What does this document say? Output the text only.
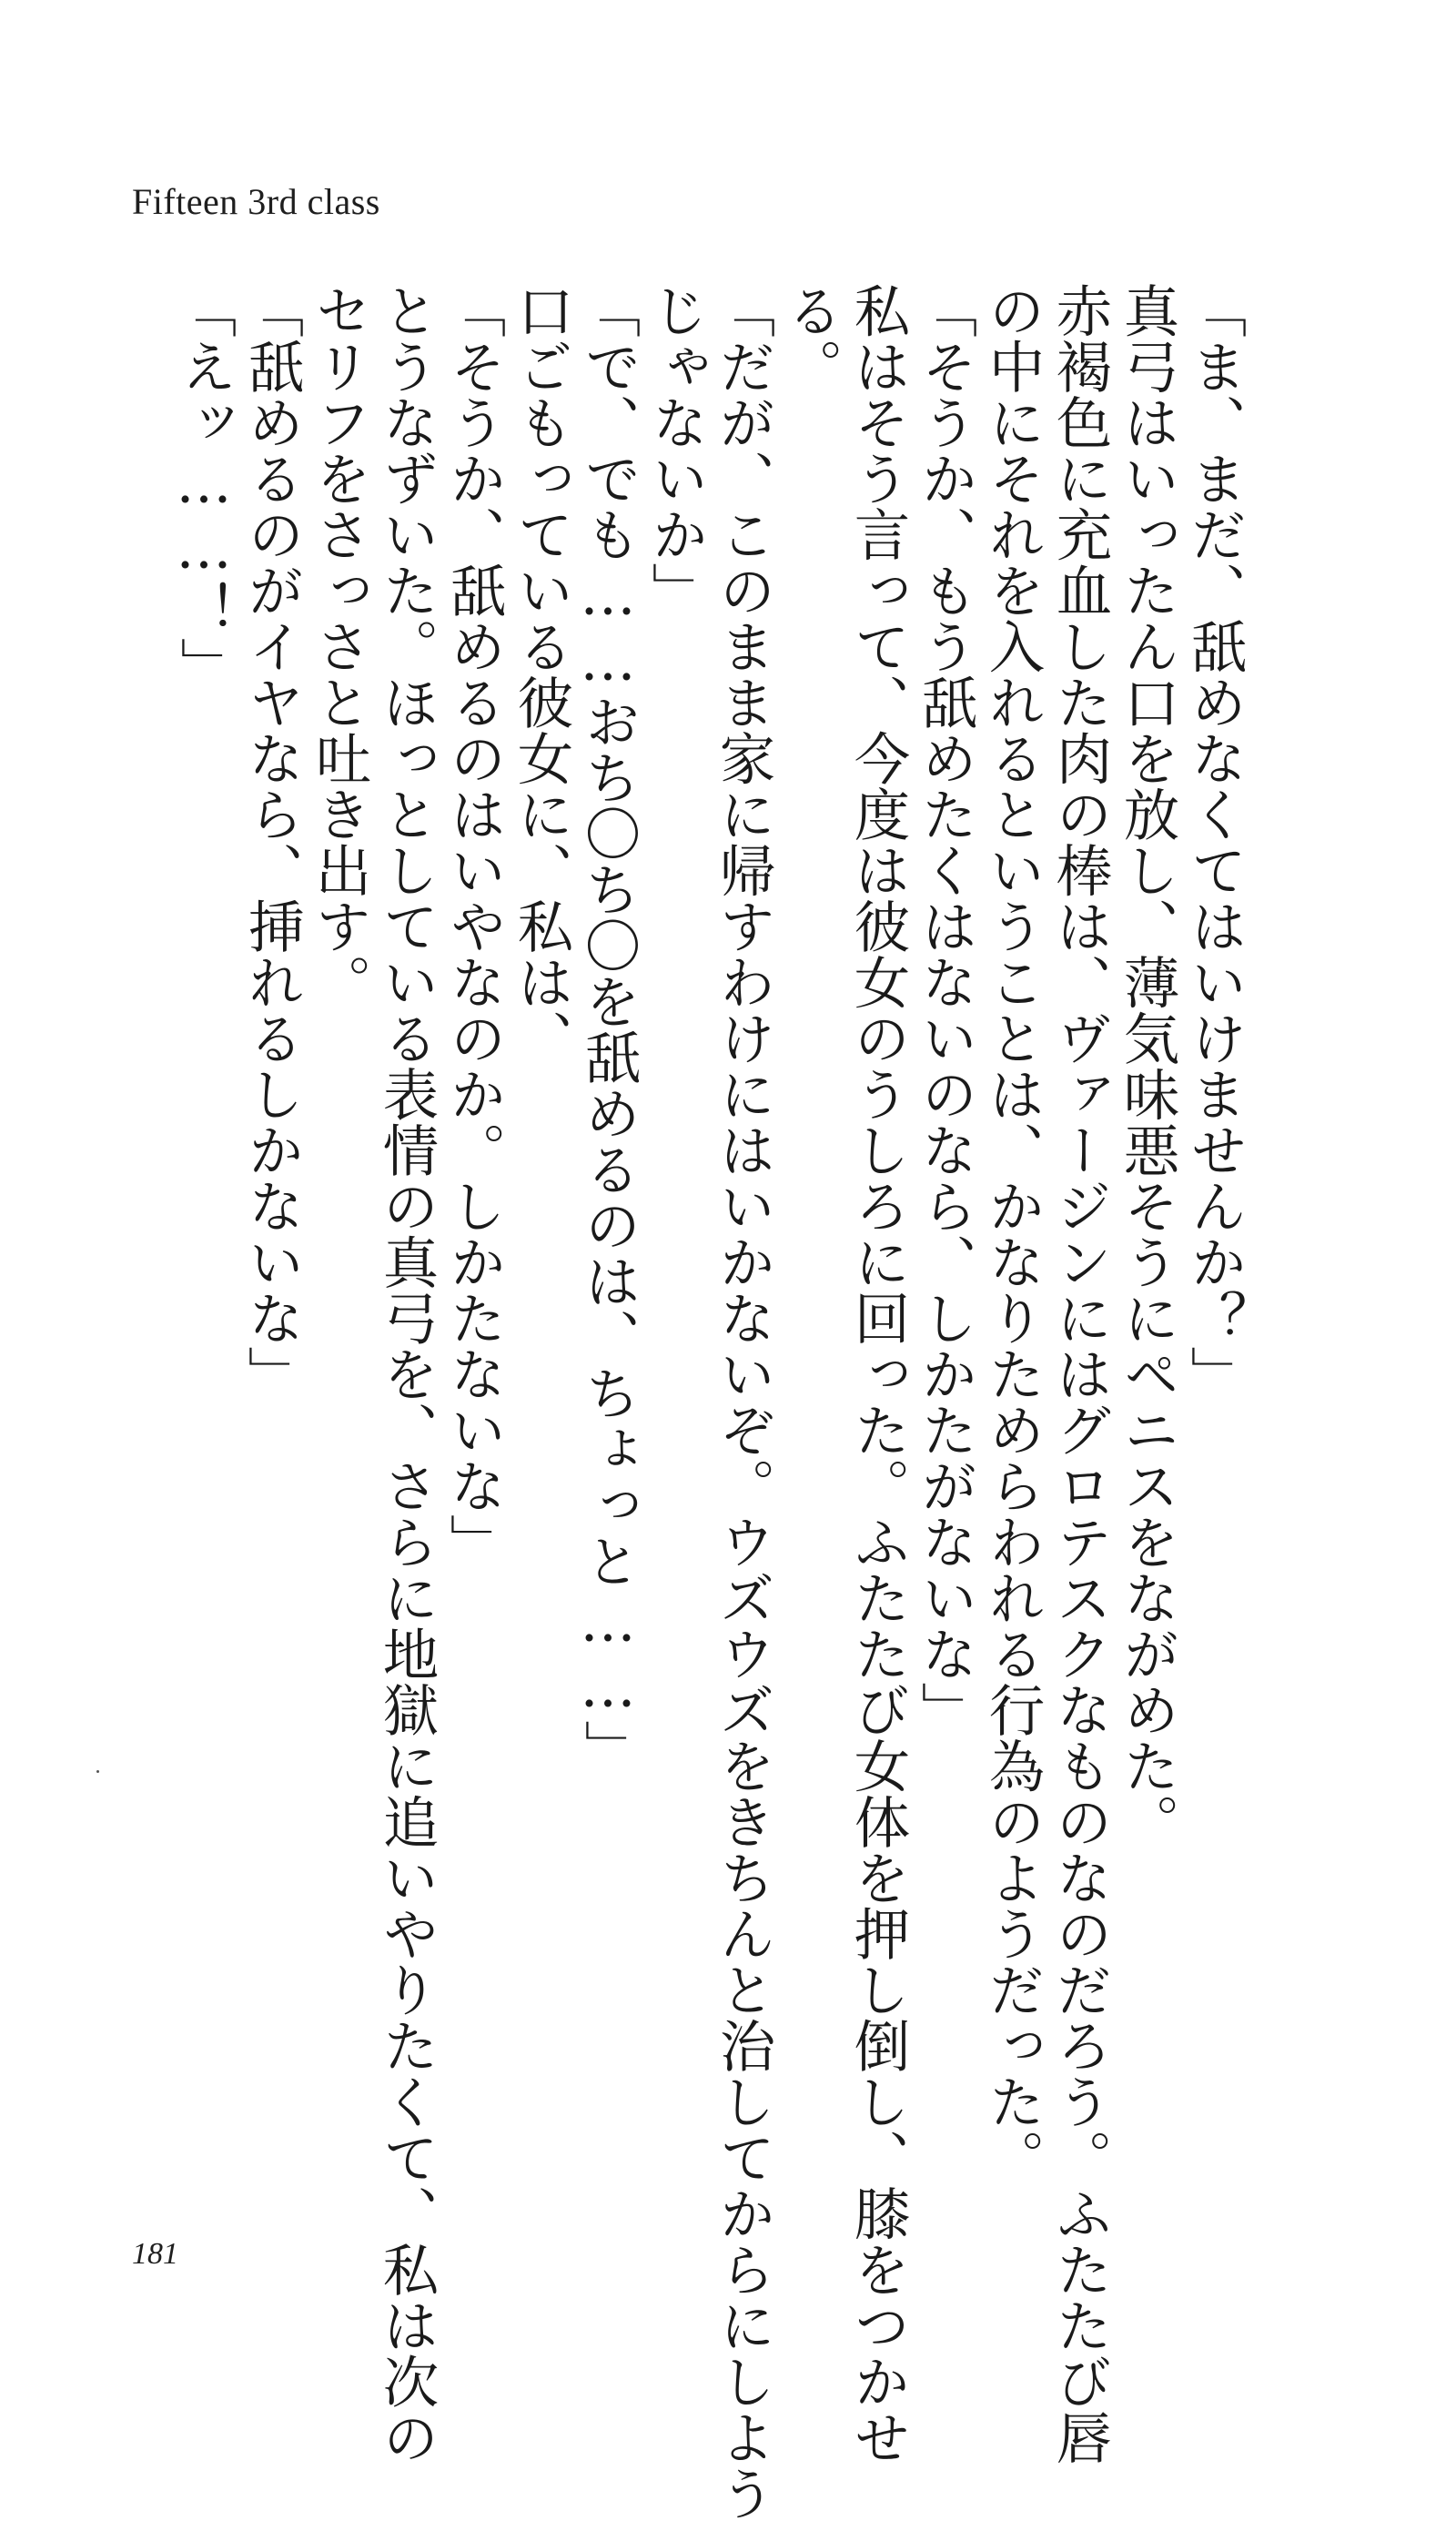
Fifteen 3rd class
「ま、まだ、舐めなくてはいけませんか？」
真弓はいったん口を放し、薄気味悪そうにペニスをながめた。
赤褐色に充血した肉の棒は、ヴァージンにはグロテスクなものなのだろう。ふたたび唇
の中にそれを入れるということは、かなりためらわれる行為のようだった。
「そうか、もう舐めたくはないのなら、しかたがないな」
私はそう言って、今度は彼女のうしろに回った。ふたたび女体を押し倒し、膝をつかせ
る。
「だが、このまま家に帰すわけにはいかないぞ。ウズウズをきちんと治してからにしよう
じゃないか」
「で、でも……おち〇ち〇を舐めるのは、ちょっと……」
口ごもっている彼女に、私は、
「そうか、舐めるのはいやなのか。しかたないな」
とうなずいた。ほっとしている表情の真弓を、さらに地獄に追いやりたくて、私は次の
セリフをさっさと吐き出す。
「舐めるのがイヤなら、挿れるしかないな」
「えッ……！」
181
